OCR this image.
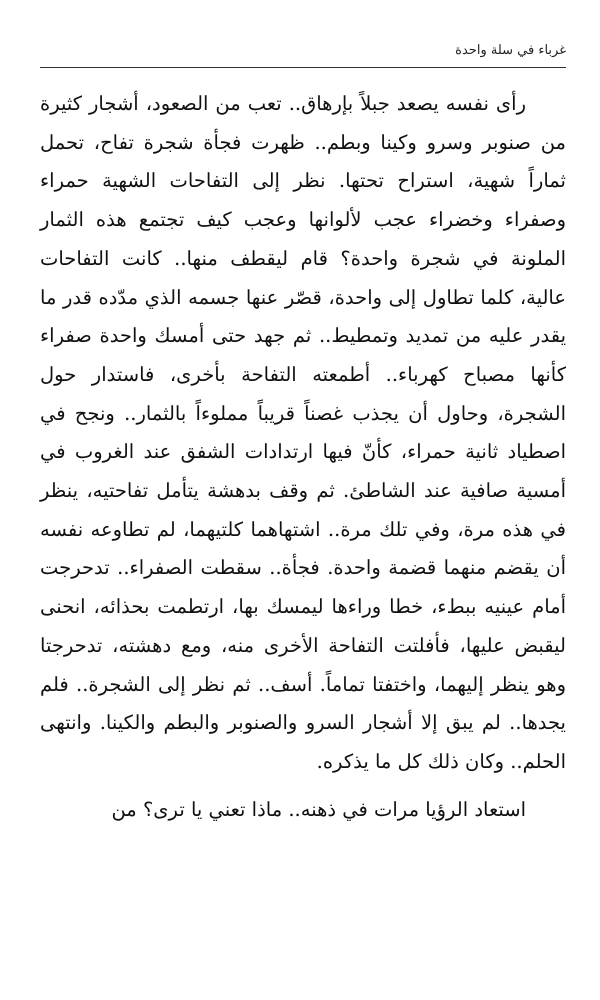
غرباء في سلة واحدة

رأى نفسه يصعد جبلاً بإرهاق.. تعب من الصعود، أشجار كثيرة من صنوبر وسرو وكينا وبطم.. ظهرت فجأة شجرة تفاح، تحمل ثماراً شهية، استراح تحتها. نظر إلى التفاحات الشهية حمراء وصفراء وخضراء عجب لألوانها وعجب كيف تجتمع هذه الثمار الملونة في شجرة واحدة؟ قام ليقطف منها.. كانت التفاحات عالية، كلما تطاول إلى واحدة، قصّر عنها جسمه الذي مدّده قدر ما يقدر عليه من تمديد وتمطيط.. ثم جهد حتى أمسك واحدة صفراء كأنها مصباح كهرباء.. أطمعته التفاحة بأخرى، فاستدار حول الشجرة، وحاول أن يجذب غصناً قريباً مملوءاً بالثمار.. ونجح في اصطياد ثانية حمراء، كأنّ فيها ارتدادات الشفق عند الغروب في أمسية صافية عند الشاطئ. ثم وقف بدهشة يتأمل تفاحتيه، ينظر في هذه مرة، وفي تلك مرة.. اشتهاهما كلتيهما، لم تطاوعه نفسه أن يقضم منهما قضمة واحدة. فجأة.. سقطت الصفراء.. تدحرجت أمام عينيه ببطء، خطا وراءها ليمسك بها، ارتطمت بحذائه، انحنى ليقبض عليها، فأفلتت التفاحة الأخرى منه، ومع دهشته، تدحرجتا وهو ينظر إليهما، واختفتا تماماً. أسف.. ثم نظر إلى الشجرة.. فلم يجدها.. لم يبق إلا أشجار السرو والصنوبر والبطم والكينا. وانتهى الحلم.. وكان ذلك كل ما يذكره.

استعاد الرؤيا مرات في ذهنه.. ماذا تعني يا ترى؟ من
